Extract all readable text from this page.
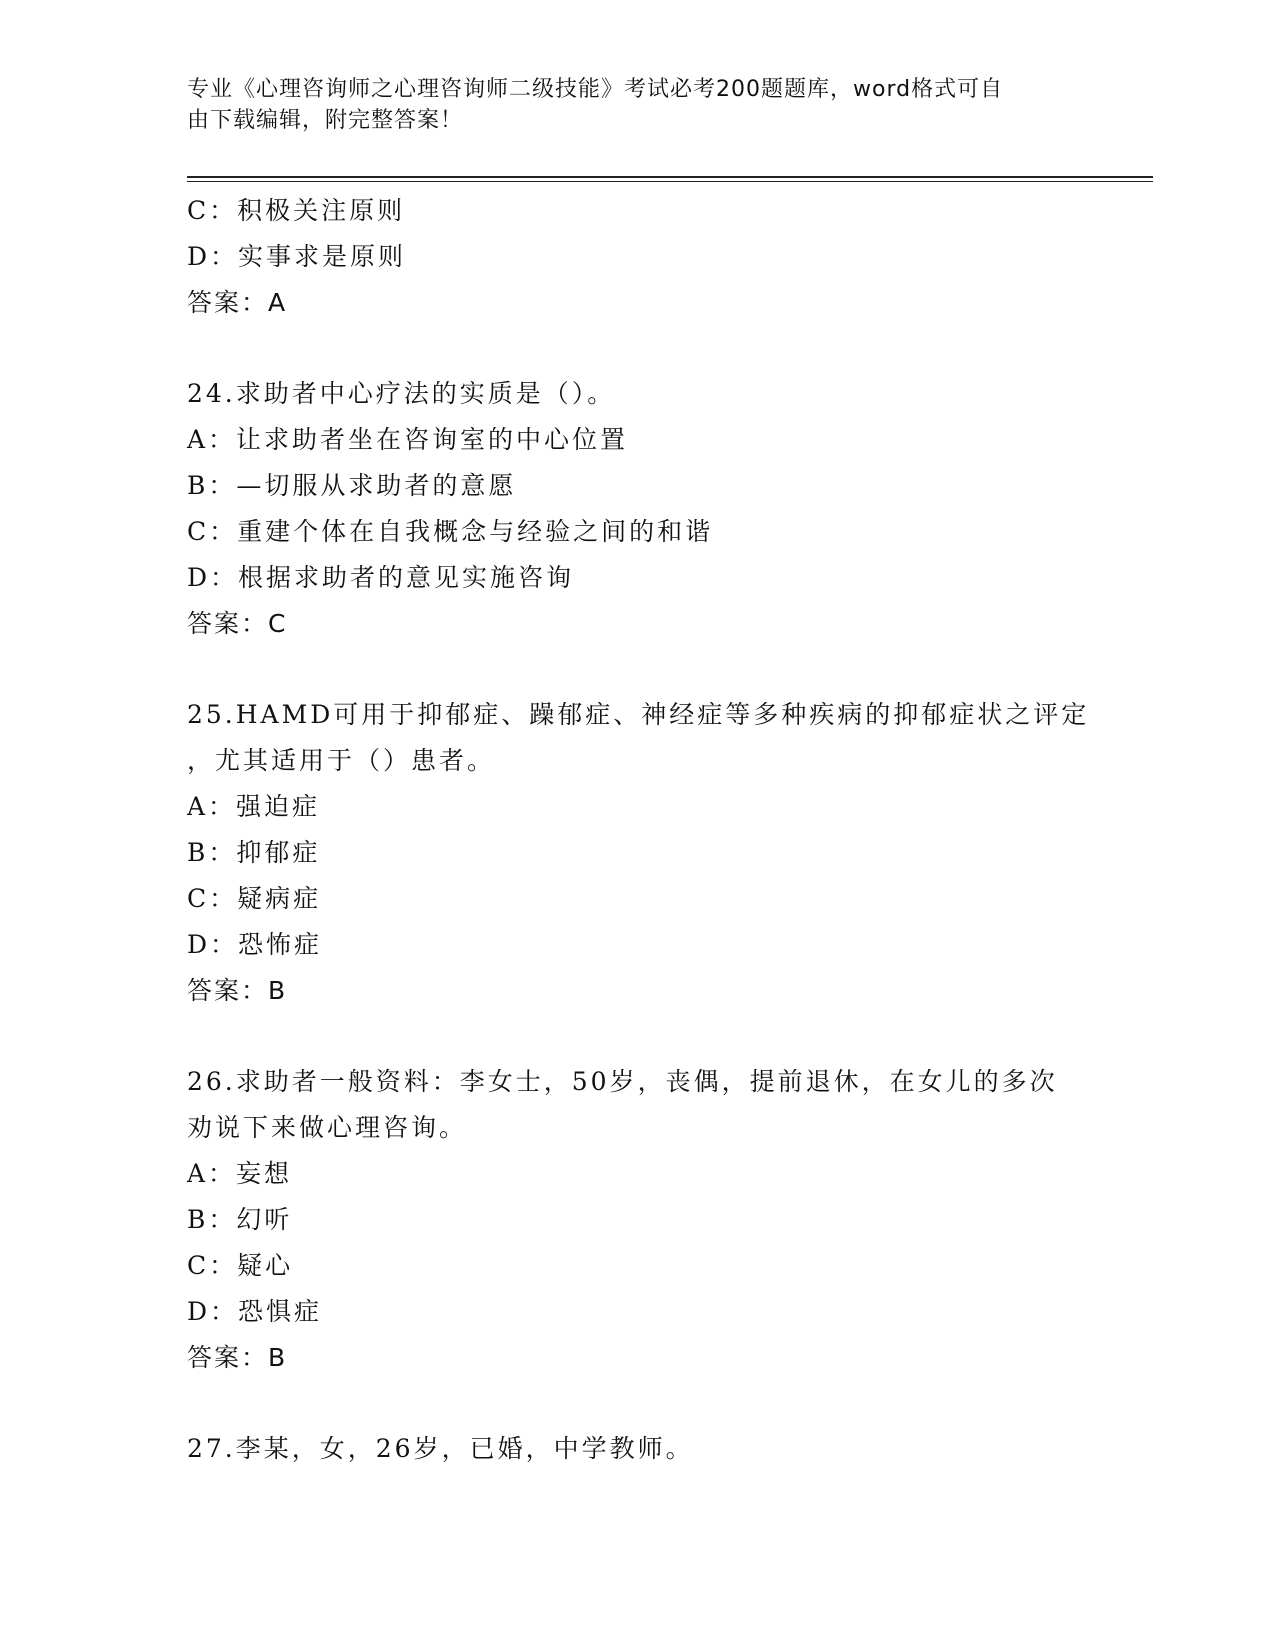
专业《心理咨询师之心理咨询师二级技能》考试必考200题题库，word格式可自
由下载编辑，附完整答案！
C：积极关注原则
D：实事求是原则
答案：A
24.求助者中心疗法的实质是（）。
A：让求助者坐在咨询室的中心位置
B：—切服从求助者的意愿
C：重建个体在自我概念与经验之间的和谐
D：根据求助者的意见实施咨询
答案：C
25.HAMD可用于抑郁症、躁郁症、神经症等多种疾病的抑郁症状之评定
，尤其适用于（）患者。
A：强迫症
B：抑郁症
C：疑病症
D：恐怖症
答案：B
26.求助者一般资料：李女士，50岁，丧偶，提前退休，在女儿的多次
劝说下来做心理咨询。
A：妄想
B：幻听
C：疑心
D：恐惧症
答案：B
27.李某，女，26岁，已婚，中学教师。
